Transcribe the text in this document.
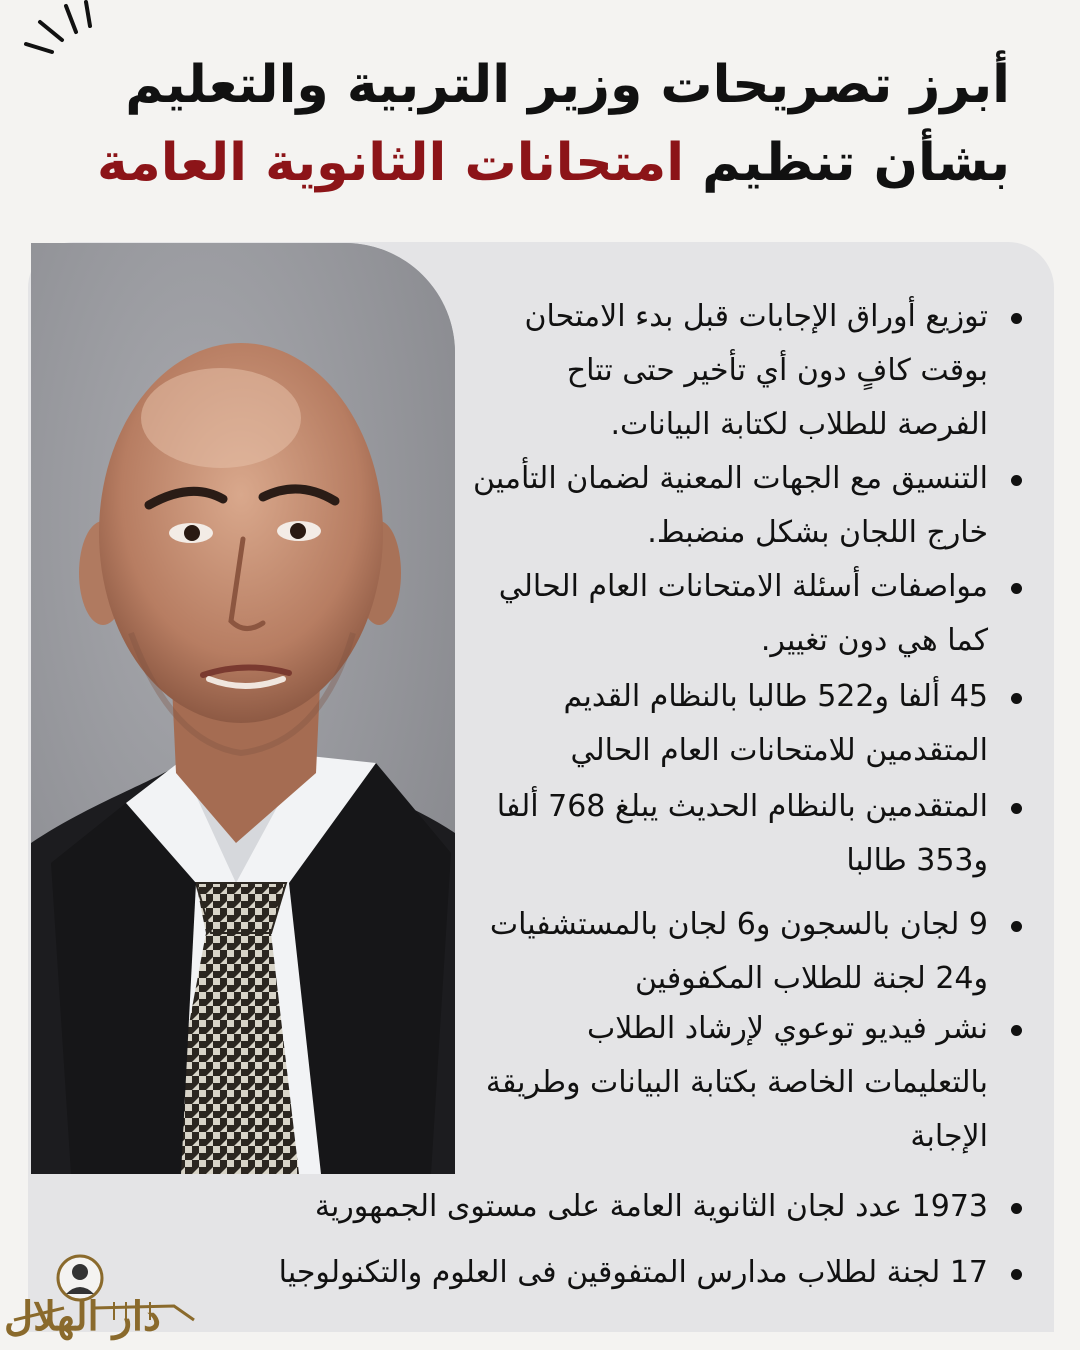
أبرز تصريحات وزير التربية والتعليم
بشأن تنظيم امتحانات الثانوية العامة
توزيع أوراق الإجابات قبل بدء الامتحان بوقت كافٍ دون أي تأخير حتى تتاح الفرصة للطلاب لكتابة البيانات.
التنسيق مع الجهات المعنية لضمان التأمين خارج اللجان بشكل منضبط.
مواصفات أسئلة الامتحانات العام الحالي كما هي دون تغيير.
45 ألفا و522 طالبا بالنظام القديم المتقدمين للامتحانات العام الحالي
المتقدمين بالنظام الحديث يبلغ 768 ألفا و353 طالبا
9 لجان بالسجون و6 لجان بالمستشفيات و24 لجنة للطلاب المكفوفين
نشر فيديو توعوي لإرشاد الطلاب بالتعليمات الخاصة بكتابة البيانات وطريقة الإجابة
1973 عدد لجان الثانوية العامة على مستوى الجمهورية
17 لجنة لطلاب مدارس المتفوقين فى العلوم والتكنولوجيا
دار الهلال
